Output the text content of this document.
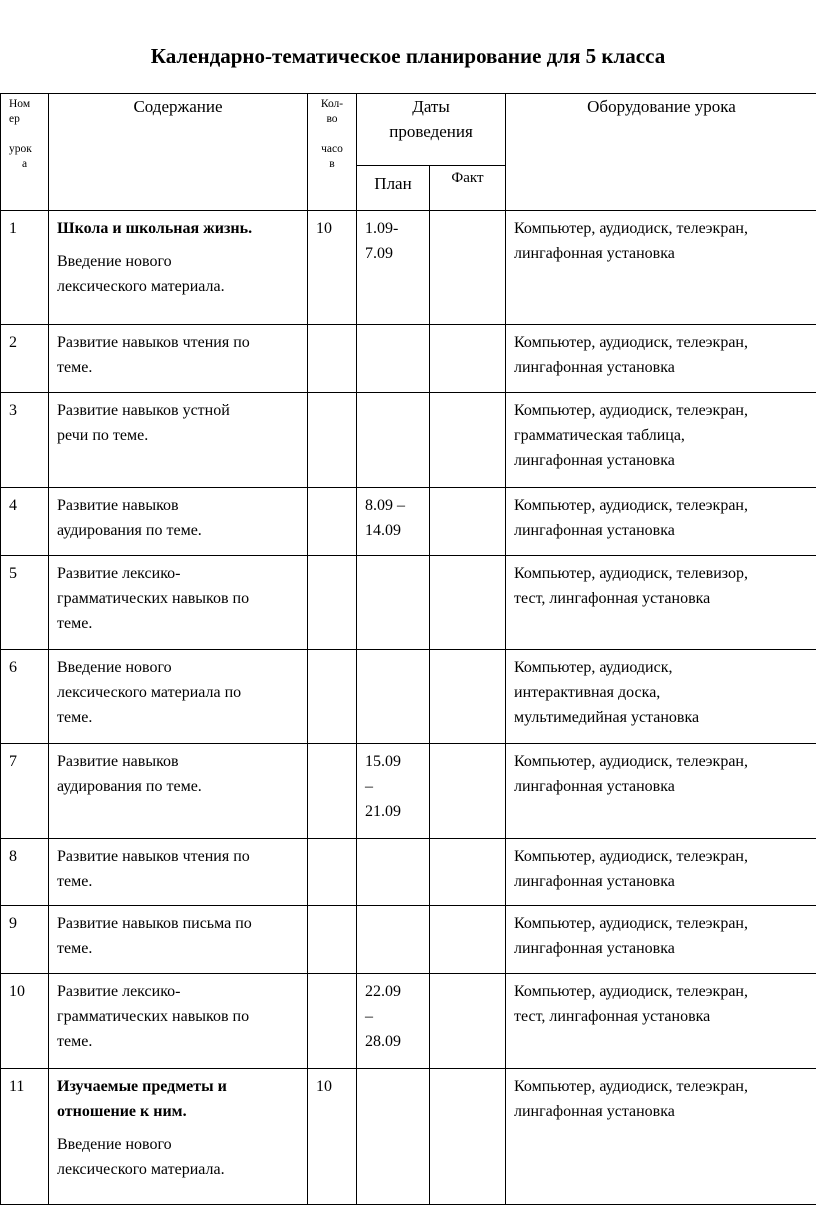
Календарно-тематическое планирование для 5 класса
Ном
ер
урок
а	Содержание	Кол-
во
часо
в	Даты
проведения		Оборудование урока
			План	Факт	
1	Школа и школьная жизнь.
Введение нового
лексического материала.	10	1.09-
7.09		Компьютер, аудиодиск, телеэкран,
лингафонная установка

2	Развитие навыков чтения по
теме.				Компьютер, аудиодиск, телеэкран,
лингафонная установка

3	Развитие навыков устной
речи по теме.				Компьютер, аудиодиск, телеэкран,
грамматическая таблица,
лингафонная установка

4	Развитие навыков
аудирования по теме.		8.09 –
14.09		Компьютер, аудиодиск, телеэкран,
лингафонная установка

5	Развитие лексико-
грамматических навыков по
теме.				Компьютер, аудиодиск, телевизор,
тест, лингафонная установка

6	Введение нового
лексического материала по
теме.				Компьютер, аудиодиск,
интерактивная доска,
мультимедийная установка

7	Развитие навыков
аудирования по теме.		15.09
–
21.09		Компьютер, аудиодиск, телеэкран,
лингафонная установка

8	Развитие навыков чтения по
теме.				Компьютер, аудиодиск, телеэкран,
лингафонная установка

9	Развитие навыков письма по
теме.				Компьютер, аудиодиск, телеэкран,
лингафонная установка

10	Развитие лексико-
грамматических навыков по
теме.		22.09
–
28.09		Компьютер, аудиодиск, телеэкран,
тест, лингафонная установка

11	Изучаемые предметы и отношение к ним.
Введение нового
лексического материала.	10			Компьютер, аудиодиск, телеэкран,
лингафонная установка
